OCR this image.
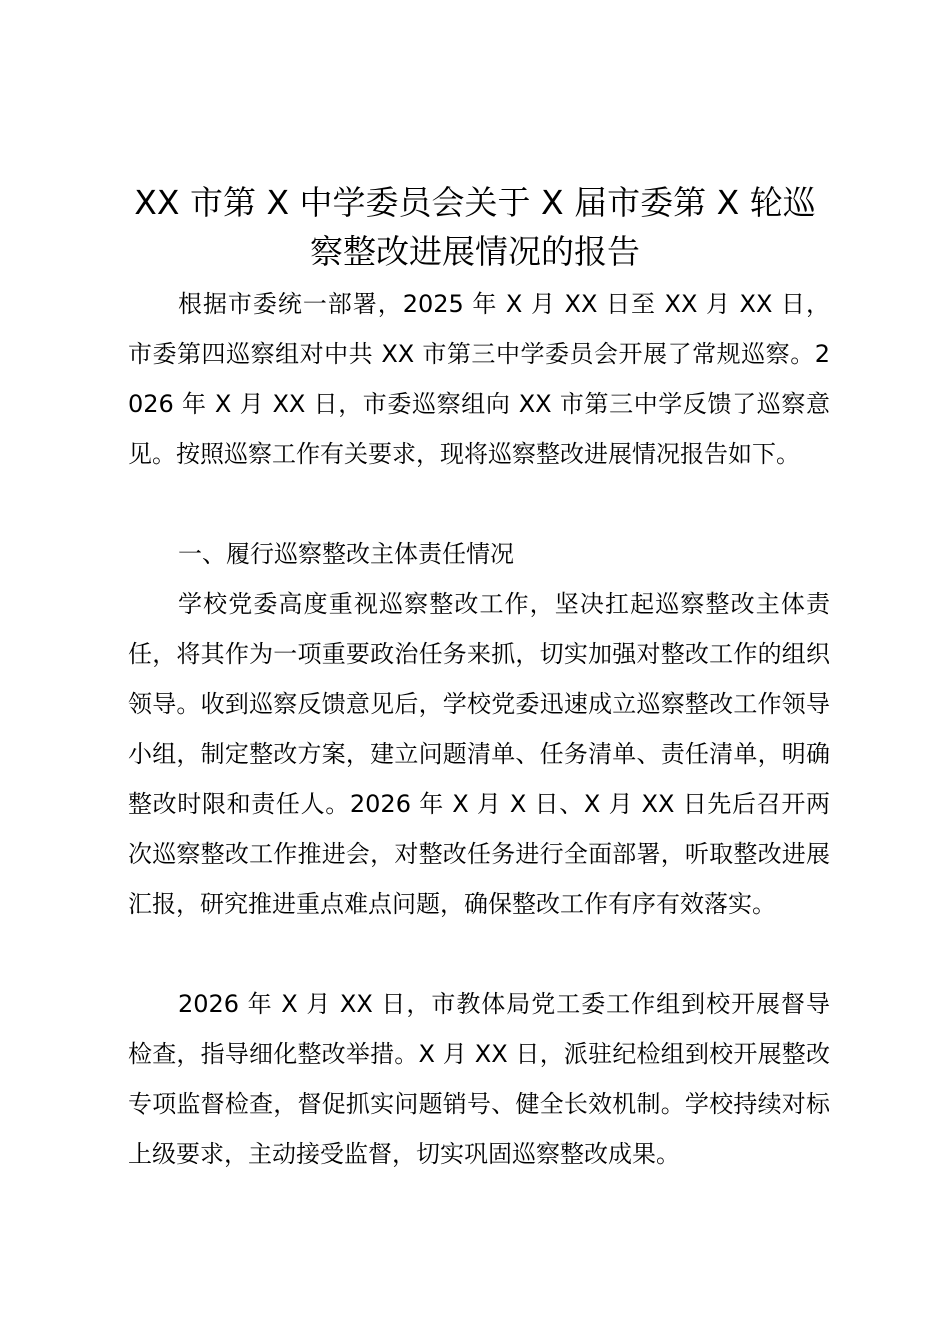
XX 市第 X 中学委员会关于 X 届市委第 X 轮巡
察整改进展情况的报告

根据市委统一部署，2025 年 X 月 XX 日至 XX 月 XX 日，市委第四巡察组对中共 XX 市第三中学委员会开展了常规巡察。2026 年 X 月 XX 日，市委巡察组向 XX 市第三中学反馈了巡察意见。按照巡察工作有关要求，现将巡察整改进展情况报告如下。

一、履行巡察整改主体责任情况

学校党委高度重视巡察整改工作，坚决扛起巡察整改主体责任，将其作为一项重要政治任务来抓，切实加强对整改工作的组织领导。收到巡察反馈意见后，学校党委迅速成立巡察整改工作领导小组，制定整改方案，建立问题清单、任务清单、责任清单，明确整改时限和责任人。2026 年 X 月 X 日、X 月 XX 日先后召开两次巡察整改工作推进会，对整改任务进行全面部署，听取整改进展汇报，研究推进重点难点问题，确保整改工作有序有效落实。

2026 年 X 月 XX 日，市教体局党工委工作组到校开展督导检查，指导细化整改举措。X 月 XX 日，派驻纪检组到校开展整改专项监督检查，督促抓实问题销号、健全长效机制。学校持续对标上级要求，主动接受监督，切实巩固巡察整改成果。
